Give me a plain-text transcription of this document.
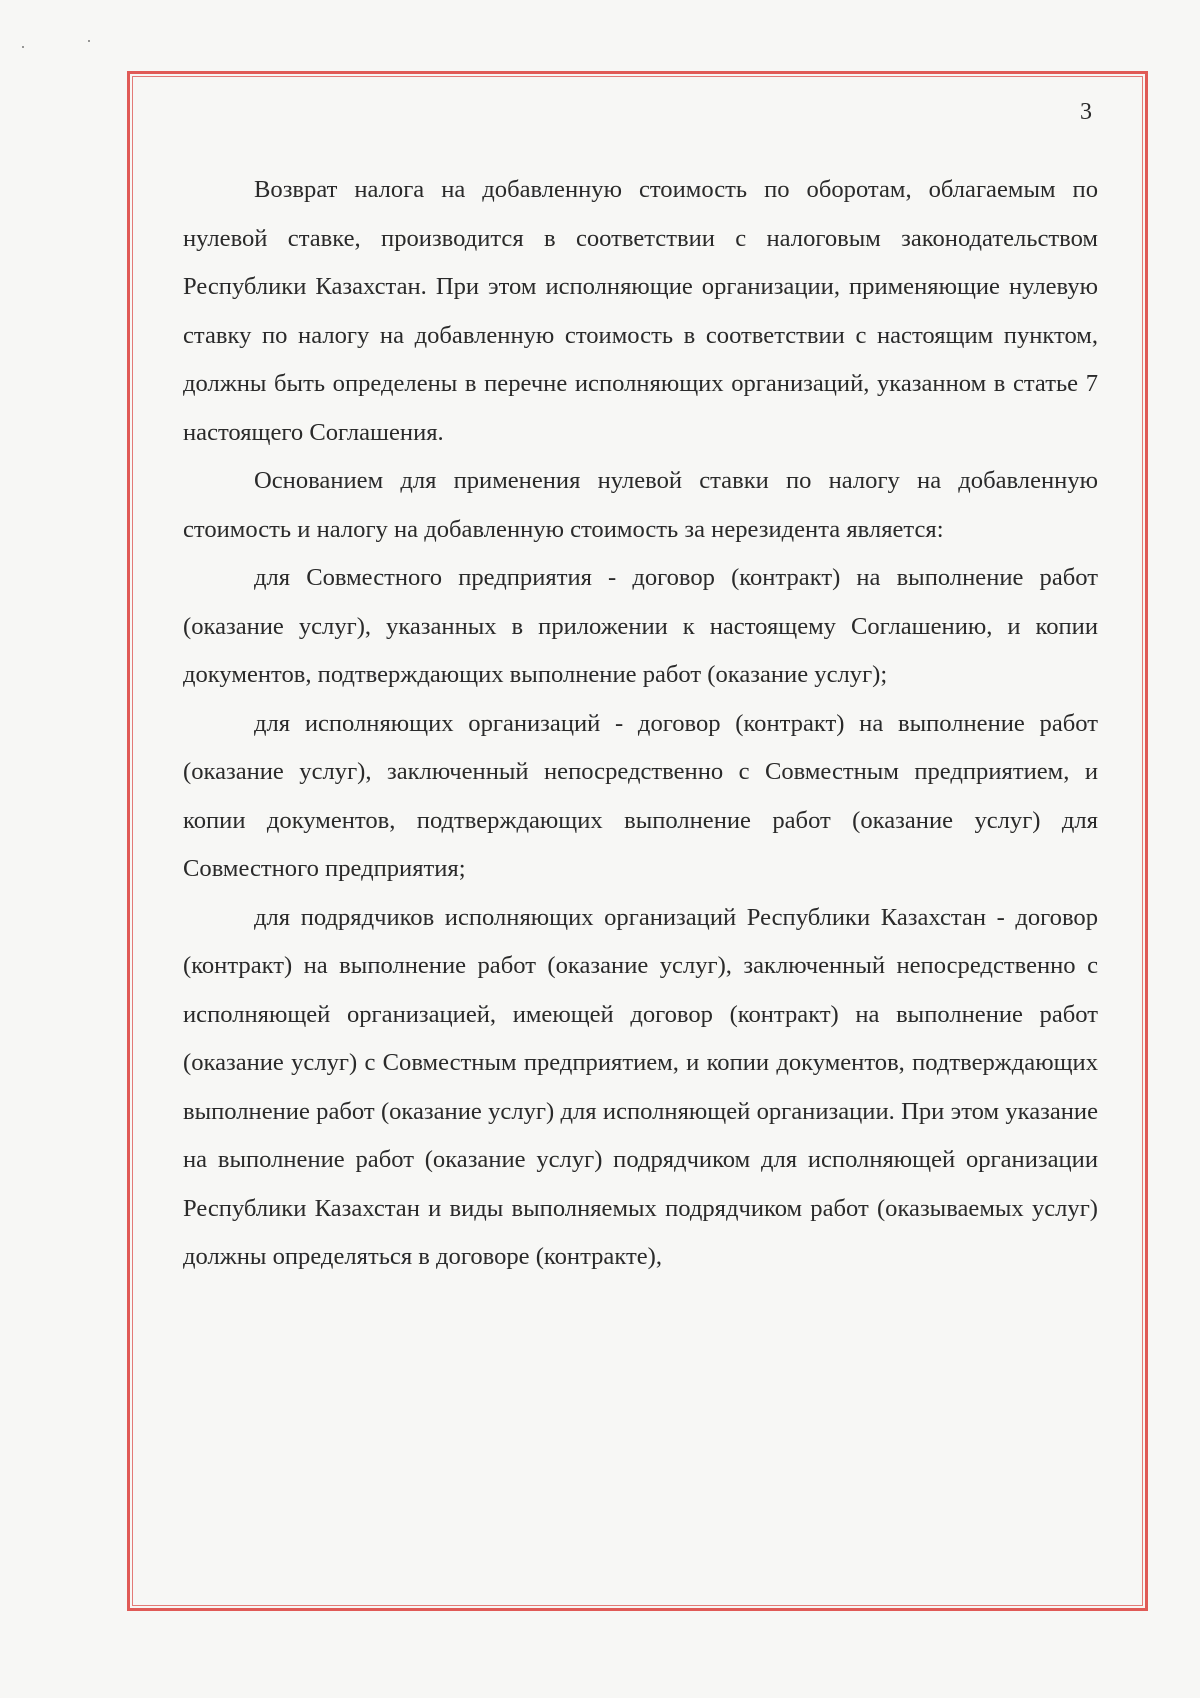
3

Возврат налога на добавленную стоимость по оборотам, облагаемым по нулевой ставке, производится в соответствии с налоговым законодательством Республики Казахстан. При этом исполняющие организации, применяющие нулевую ставку по налогу на добавленную стоимость в соответствии с настоящим пунктом, должны быть определены в перечне исполняющих организаций, указанном в статье 7 настоящего Соглашения.

Основанием для применения нулевой ставки по налогу на добавленную стоимость и налогу на добавленную стоимость за нерезидента является:

для Совместного предприятия - договор (контракт) на выполнение работ (оказание услуг), указанных в приложении к настоящему Соглашению, и копии документов, подтверждающих выполнение работ (оказание услуг);

для исполняющих организаций - договор (контракт) на выполнение работ (оказание услуг), заключенный непосредственно с Совместным предприятием, и копии документов, подтверждающих выполнение работ (оказание услуг) для Совместного предприятия;

для подрядчиков исполняющих организаций Республики Казахстан - договор (контракт) на выполнение работ (оказание услуг), заключенный непосредственно с исполняющей организацией, имеющей договор (контракт) на выполнение работ (оказание услуг) с Совместным предприятием, и копии документов, подтверждающих выполнение работ (оказание услуг) для исполняющей организации. При этом указание на выполнение работ (оказание услуг) подрядчиком для исполняющей организации Республики Казахстан и виды выполняемых подрядчиком работ (оказываемых услуг) должны определяться в договоре (контракте),
